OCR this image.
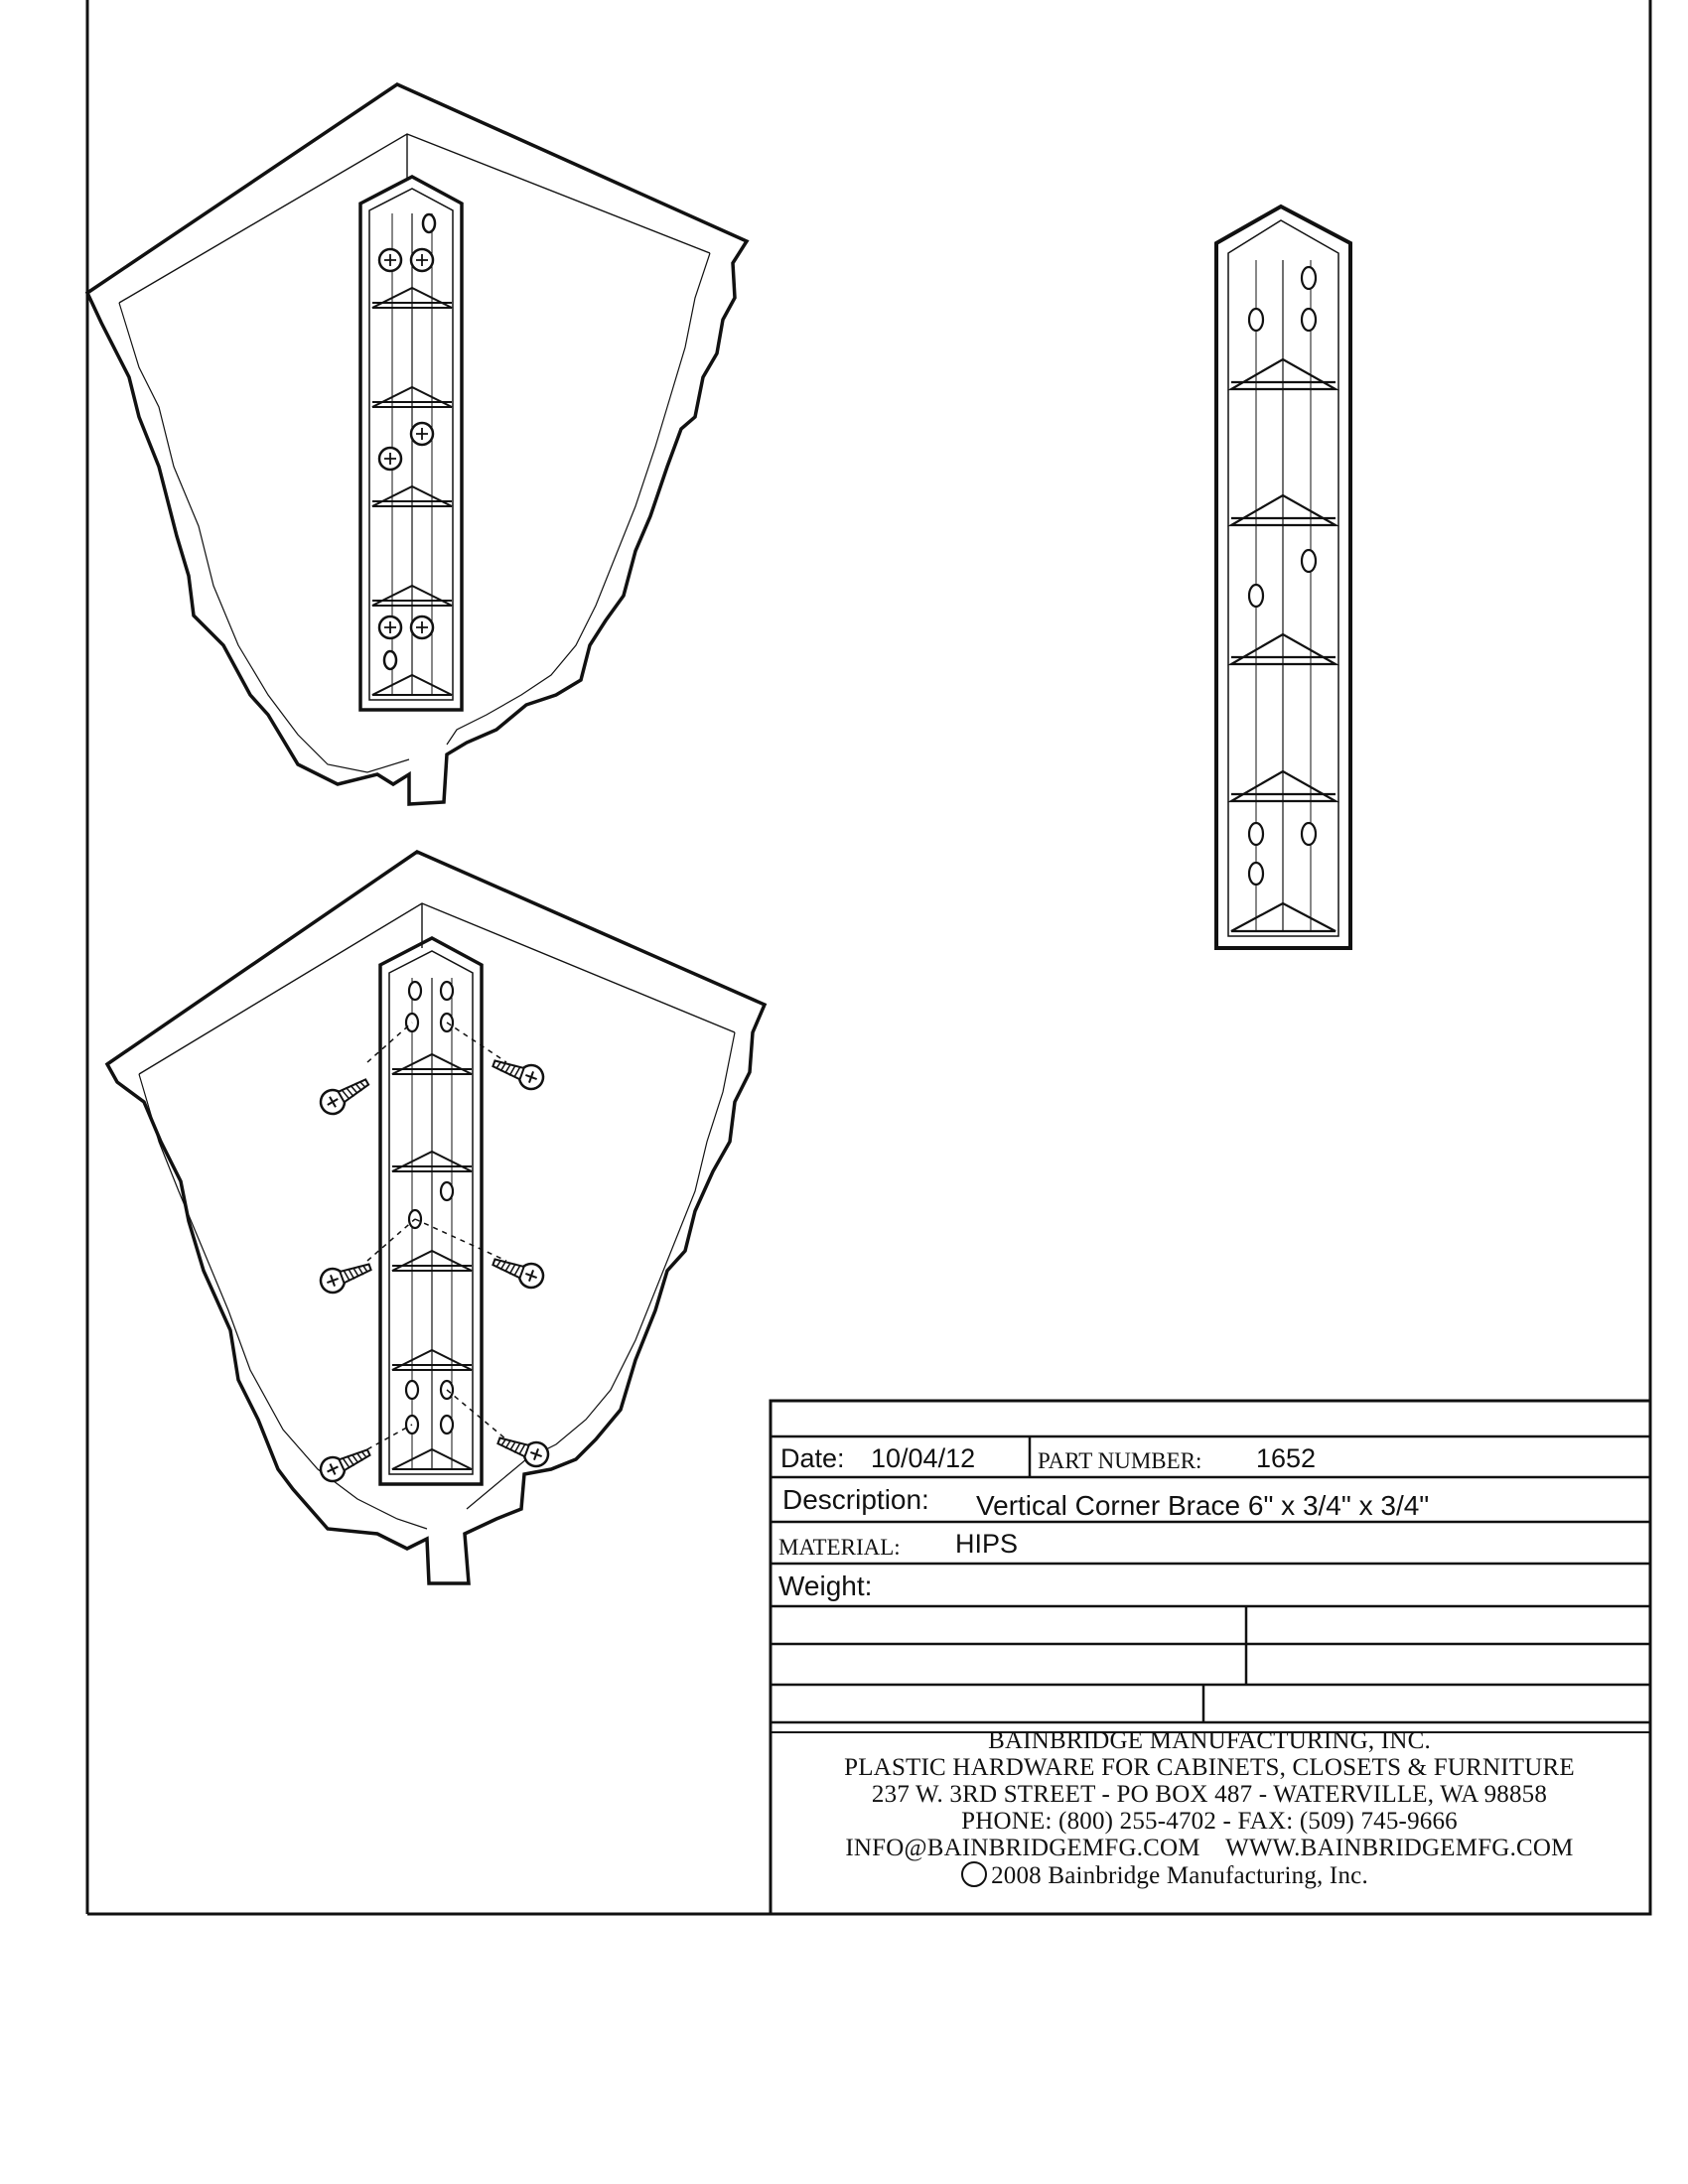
Date: 10/04/12	PART NUMBER: 1652
Description: Vertical Corner Brace 6" x 3/4" x 3/4"
MATERIAL: HIPS
Weight:
BAINBRIDGE MANUFACTURING, INC.
PLASTIC HARDWARE FOR CABINETS, CLOSETS & FURNITURE
237 W. 3RD STREET - PO BOX 487 - WATERVILLE, WA 98858
PHONE: (800) 255-4702 - FAX: (509) 745-9666
INFO@BAINBRIDGEMFG.COM    WWW.BAINBRIDGEMFG.COM
2008 Bainbridge Manufacturing, Inc.
